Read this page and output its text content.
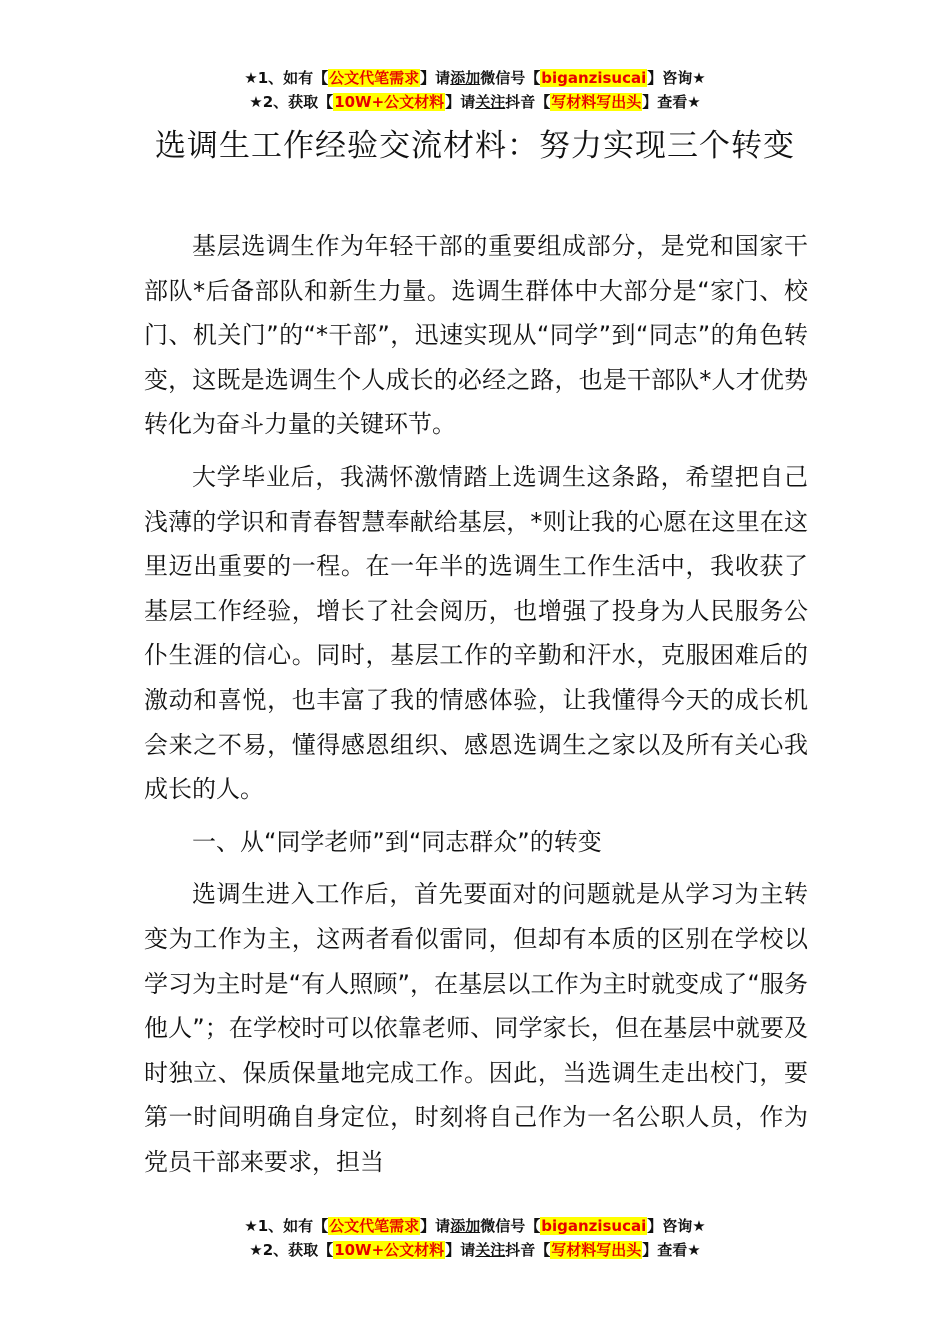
★1、如有【公文代笔需求】请添加微信号【biganzisucai】咨询★
★2、获取【10W+公文材料】请关注抖音【写材料写出头】查看★
选调生工作经验交流材料：努力实现三个转变

基层选调生作为年轻干部的重要组成部分，是党和国家干部队*后备部队和新生力量。选调生群体中大部分是“家门、校门、机关门”的“*干部”，迅速实现从“同学”到“同志”的角色转变，这既是选调生个人成长的必经之路，也是干部队*人才优势转化为奋斗力量的关键环节。

大学毕业后，我满怀激情踏上选调生这条路，希望把自己浅薄的学识和青春智慧奉献给基层，*则让我的心愿在这里在这里迈出重要的一程。在一年半的选调生工作生活中，我收获了基层工作经验，增长了社会阅历，也增强了投身为人民服务公仆生涯的信心。同时，基层工作的辛勤和汗水，克服困难后的激动和喜悦，也丰富了我的情感体验，让我懂得今天的成长机会来之不易，懂得感恩组织、感恩选调生之家以及所有关心我成长的人。

一、从“同学老师”到“同志群众”的转变

选调生进入工作后，首先要面对的问题就是从学习为主转变为工作为主，这两者看似雷同，但却有本质的区别在学校以学习为主时是“有人照顾”，在基层以工作为主时就变成了“服务他人”；在学校时可以依靠老师、同学家长，但在基层中就要及时独立、保质保量地完成工作。因此，当选调生走出校门，要第一时间明确自身定位，时刻将自己作为一名公职人员，作为党员干部来要求，担当

★1、如有【公文代笔需求】请添加微信号【biganzisucai】咨询★
★2、获取【10W+公文材料】请关注抖音【写材料写出头】查看★
